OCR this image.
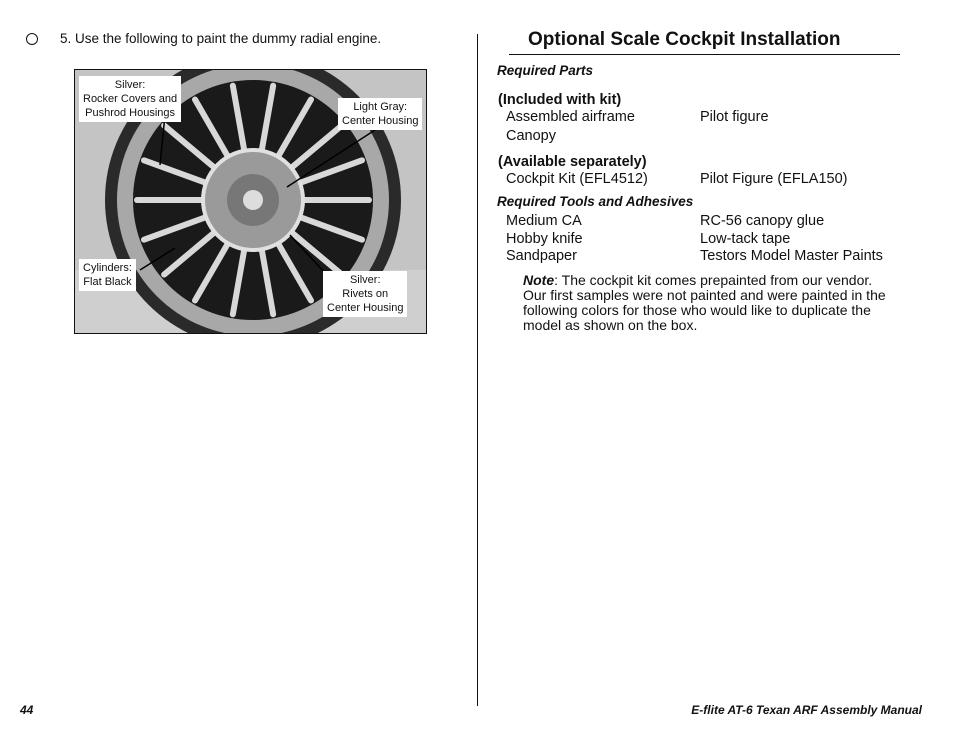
5. Use the following to paint the dummy radial engine.
Silver:
Rocker Covers and
Pushrod Housings	Light Gray:
Center Housing
Cylinders:
Flat Black	Silver:
Rivets on
Center Housing
Optional Scale Cockpit Installation
Required Parts
(Included with kit)
Assembled airframe	Pilot figure
Canopy
(Available separately)
Cockpit Kit (EFL4512)	Pilot Figure (EFLA150)
Required Tools and Adhesives
Medium CA	RC-56 canopy glue
Hobby knife	Low-tack tape
Sandpaper	Testors Model Master Paints
Note: The cockpit kit comes prepainted from our vendor. Our first samples were not painted and were painted in the following colors for those who would like to duplicate the model as shown on the box.
44	E-flite AT-6 Texan ARF Assembly Manual
